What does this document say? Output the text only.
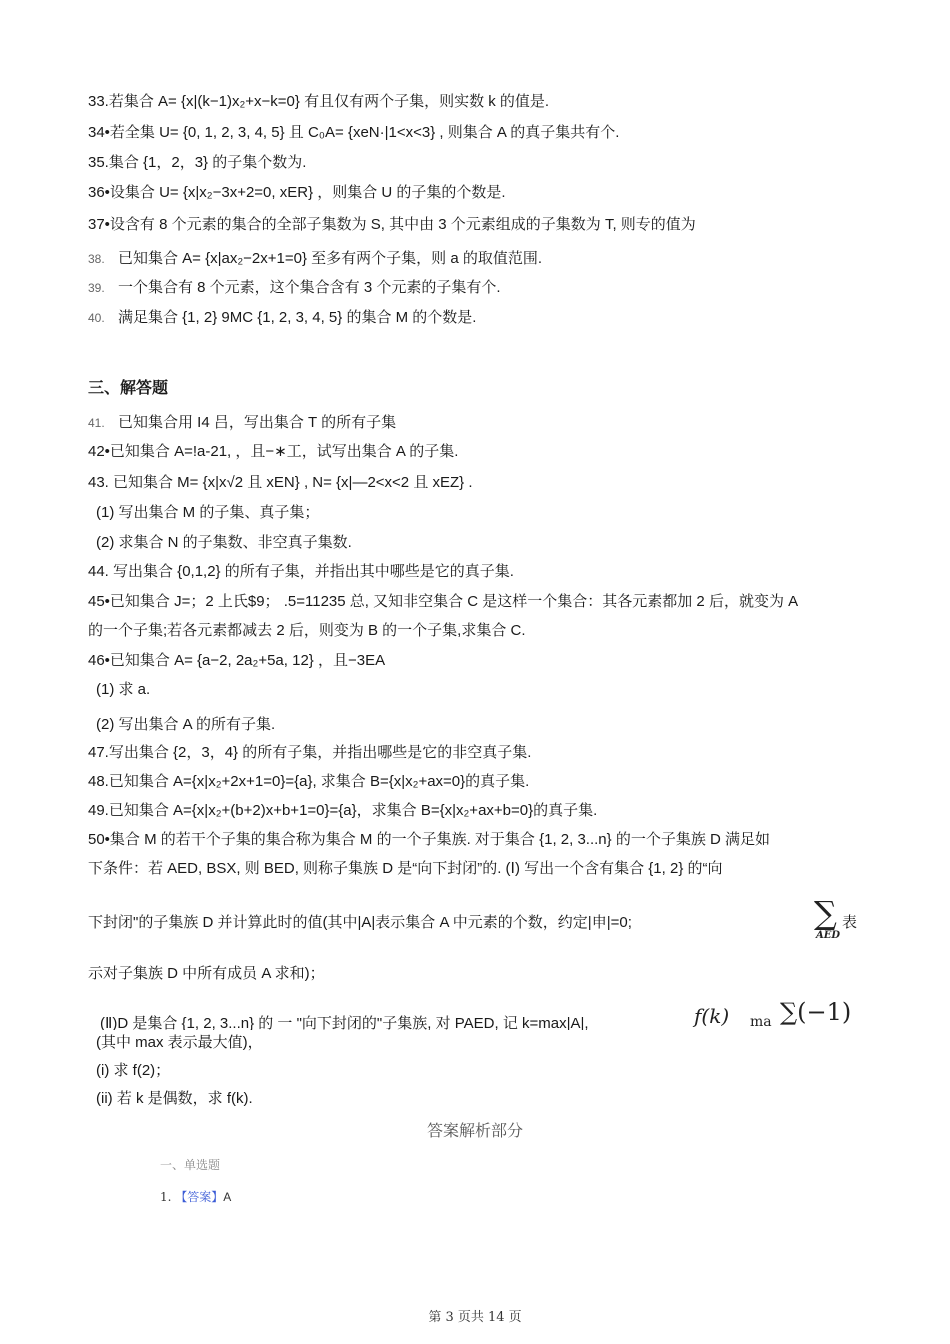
33.若集合 A= {x|(k−1)x₂+x−k=0} 有且仅有两个子集，则实数 k 的值是.
34•若全集 U= {0, 1, 2, 3, 4, 5} 且 C₀A= {xeN·|1<x<3} , 则集合 A 的真子集共有个.
35.集合 {1，2，3} 的子集个数为.
36•设集合 U= {x|x₂−3x+2=0, xER} ，则集合 U 的子集的个数是.
37•设含有 8 个元素的集合的全部子集数为 S, 其中由 3 个元素组成的子集数为 T, 则专的值为
38. 已知集合 A= {x|ax₂−2x+1=0} 至多有两个子集，则 a 的取值范围.
39. 一个集合有 8 个元素，这个集合含有 3 个元素的子集有个.
40. 满足集合 {1, 2} 9MC {1, 2, 3, 4, 5} 的集合 M 的个数是.
三、解答题
41. 已知集合用 I4 吕，写出集合 T 的所有子集
42•已知集合 A=!a-21, ，且−∗工，试写出集合 A 的子集.
43. 已知集合 M= {x|x√2 且 xEN} , N= {x|—2<x<2 且 xEZ} .
(1) 写出集合 M 的子集、真子集；
(2) 求集合 N 的子集数、非空真子集数.
44. 写出集合 {0,1,2} 的所有子集，并指出其中哪些是它的真子集.
45•已知集合 J=；2 上氏$9； .5=11235 总, 又知非空集合 C 是这样一个集合：其各元素都加 2 后，就变为 A
的一个子集;若各元素都减去 2 后，则变为 B 的一个子集,求集合 C.
46•已知集合 A= {a−2, 2a₂+5a, 12} ，且−3EA
(1) 求 a.
(2) 写出集合 A 的所有子集.
47.写出集合 {2，3，4} 的所有子集，并指出哪些是它的非空真子集.
48.已知集合 A={x|x₂+2x+1=0}={a}, 求集合 B={x|x₂+ax=0}的真子集.
49.已知集合 A={x|x₂+(b+2)x+b+1=0}={a}，求集合 B={x|x₂+ax+b=0}的真子集.
50•集合 M 的若干个子集的集合称为集合 M 的一个子集族. 对于集合 {1, 2, 3...n} 的一个子集族 D 满足如
下条件：若 AED, BSX, 则 BED, 则称子集族 D 是“向下封闭”的. (Ⅰ) 写出一个含有集合 {1, 2} 的“向
下封闭"的子集族 D 并计算此时的值(其中|A|表示集合 A 中元素的个数，约定|申|=0;	∑
AED
表
示对子集族 D 中所有成员 A 求和)；
(Ⅱ)D 是集合 {1, 2, 3...n} 的 一 "向下封闭的"子集族, 对 PAED, 记 k=max|A|,	f(k) ma ∑(−1)
(其中 max 表示最大值)，
(i) 求 f(2)；
(ii) 若 k 是偶数，求 f(k).
答案解析部分
一、单选题
1. 【答案】A
第 3 页共 14 页
